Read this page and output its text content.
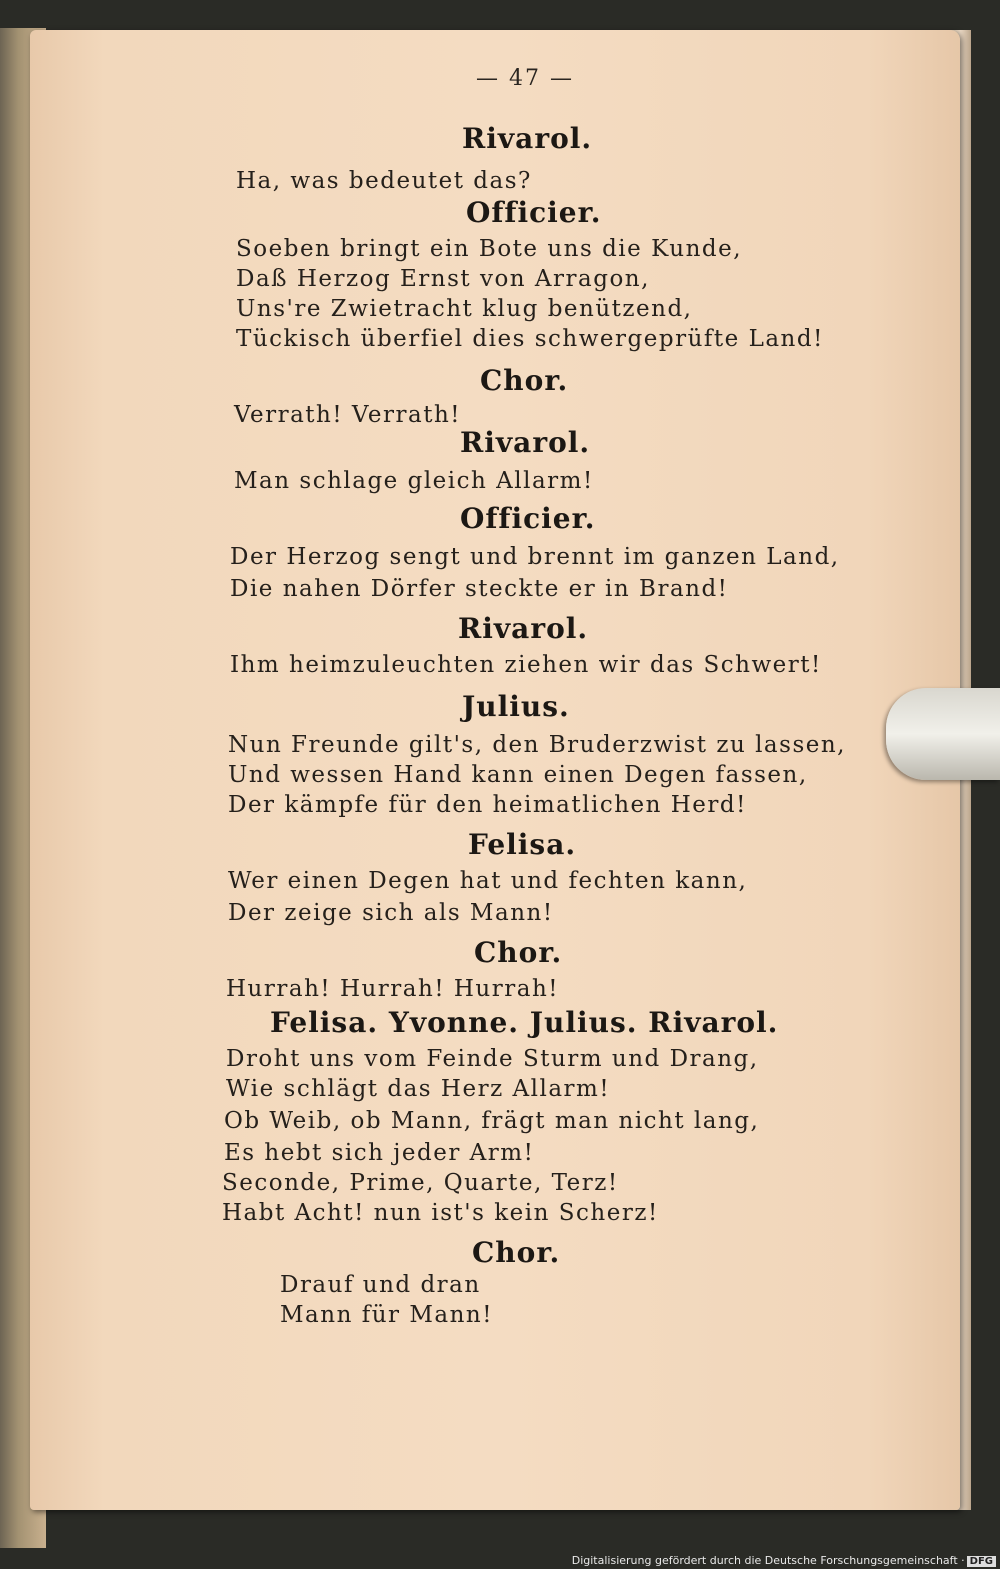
— 47 —
Rivarol.
Ha, was bedeutet das?
Officier.
Soeben bringt ein Bote uns die Kunde,
Daß Herzog Ernst von Arragon,
Uns're Zwietracht klug benützend,
Tückisch überfiel dies schwergeprüfte Land!
Chor.
Verrath! Verrath!
Rivarol.
Man schlage gleich Allarm!
Officier.
Der Herzog sengt und brennt im ganzen Land,
Die nahen Dörfer steckte er in Brand!
Rivarol.
Ihm heimzuleuchten ziehen wir das Schwert!
Julius.
Nun Freunde gilt's, den Bruderzwist zu lassen,
Und wessen Hand kann einen Degen fassen,
Der kämpfe für den heimatlichen Herd!
Felisa.
Wer einen Degen hat und fechten kann,
Der zeige sich als Mann!
Chor.
Hurrah! Hurrah! Hurrah!
Felisa. Yvonne. Julius. Rivarol.
Droht uns vom Feinde Sturm und Drang,
Wie schlägt das Herz Allarm!
Ob Weib, ob Mann, frägt man nicht lang,
Es hebt sich jeder Arm!
Seconde, Prime, Quarte, Terz!
Habt Acht! nun ist's kein Scherz!
Chor.
Drauf und dran
Mann für Mann!
Digitalisierung gefördert durch die Deutsche Forschungsgemeinschaft · DFG
